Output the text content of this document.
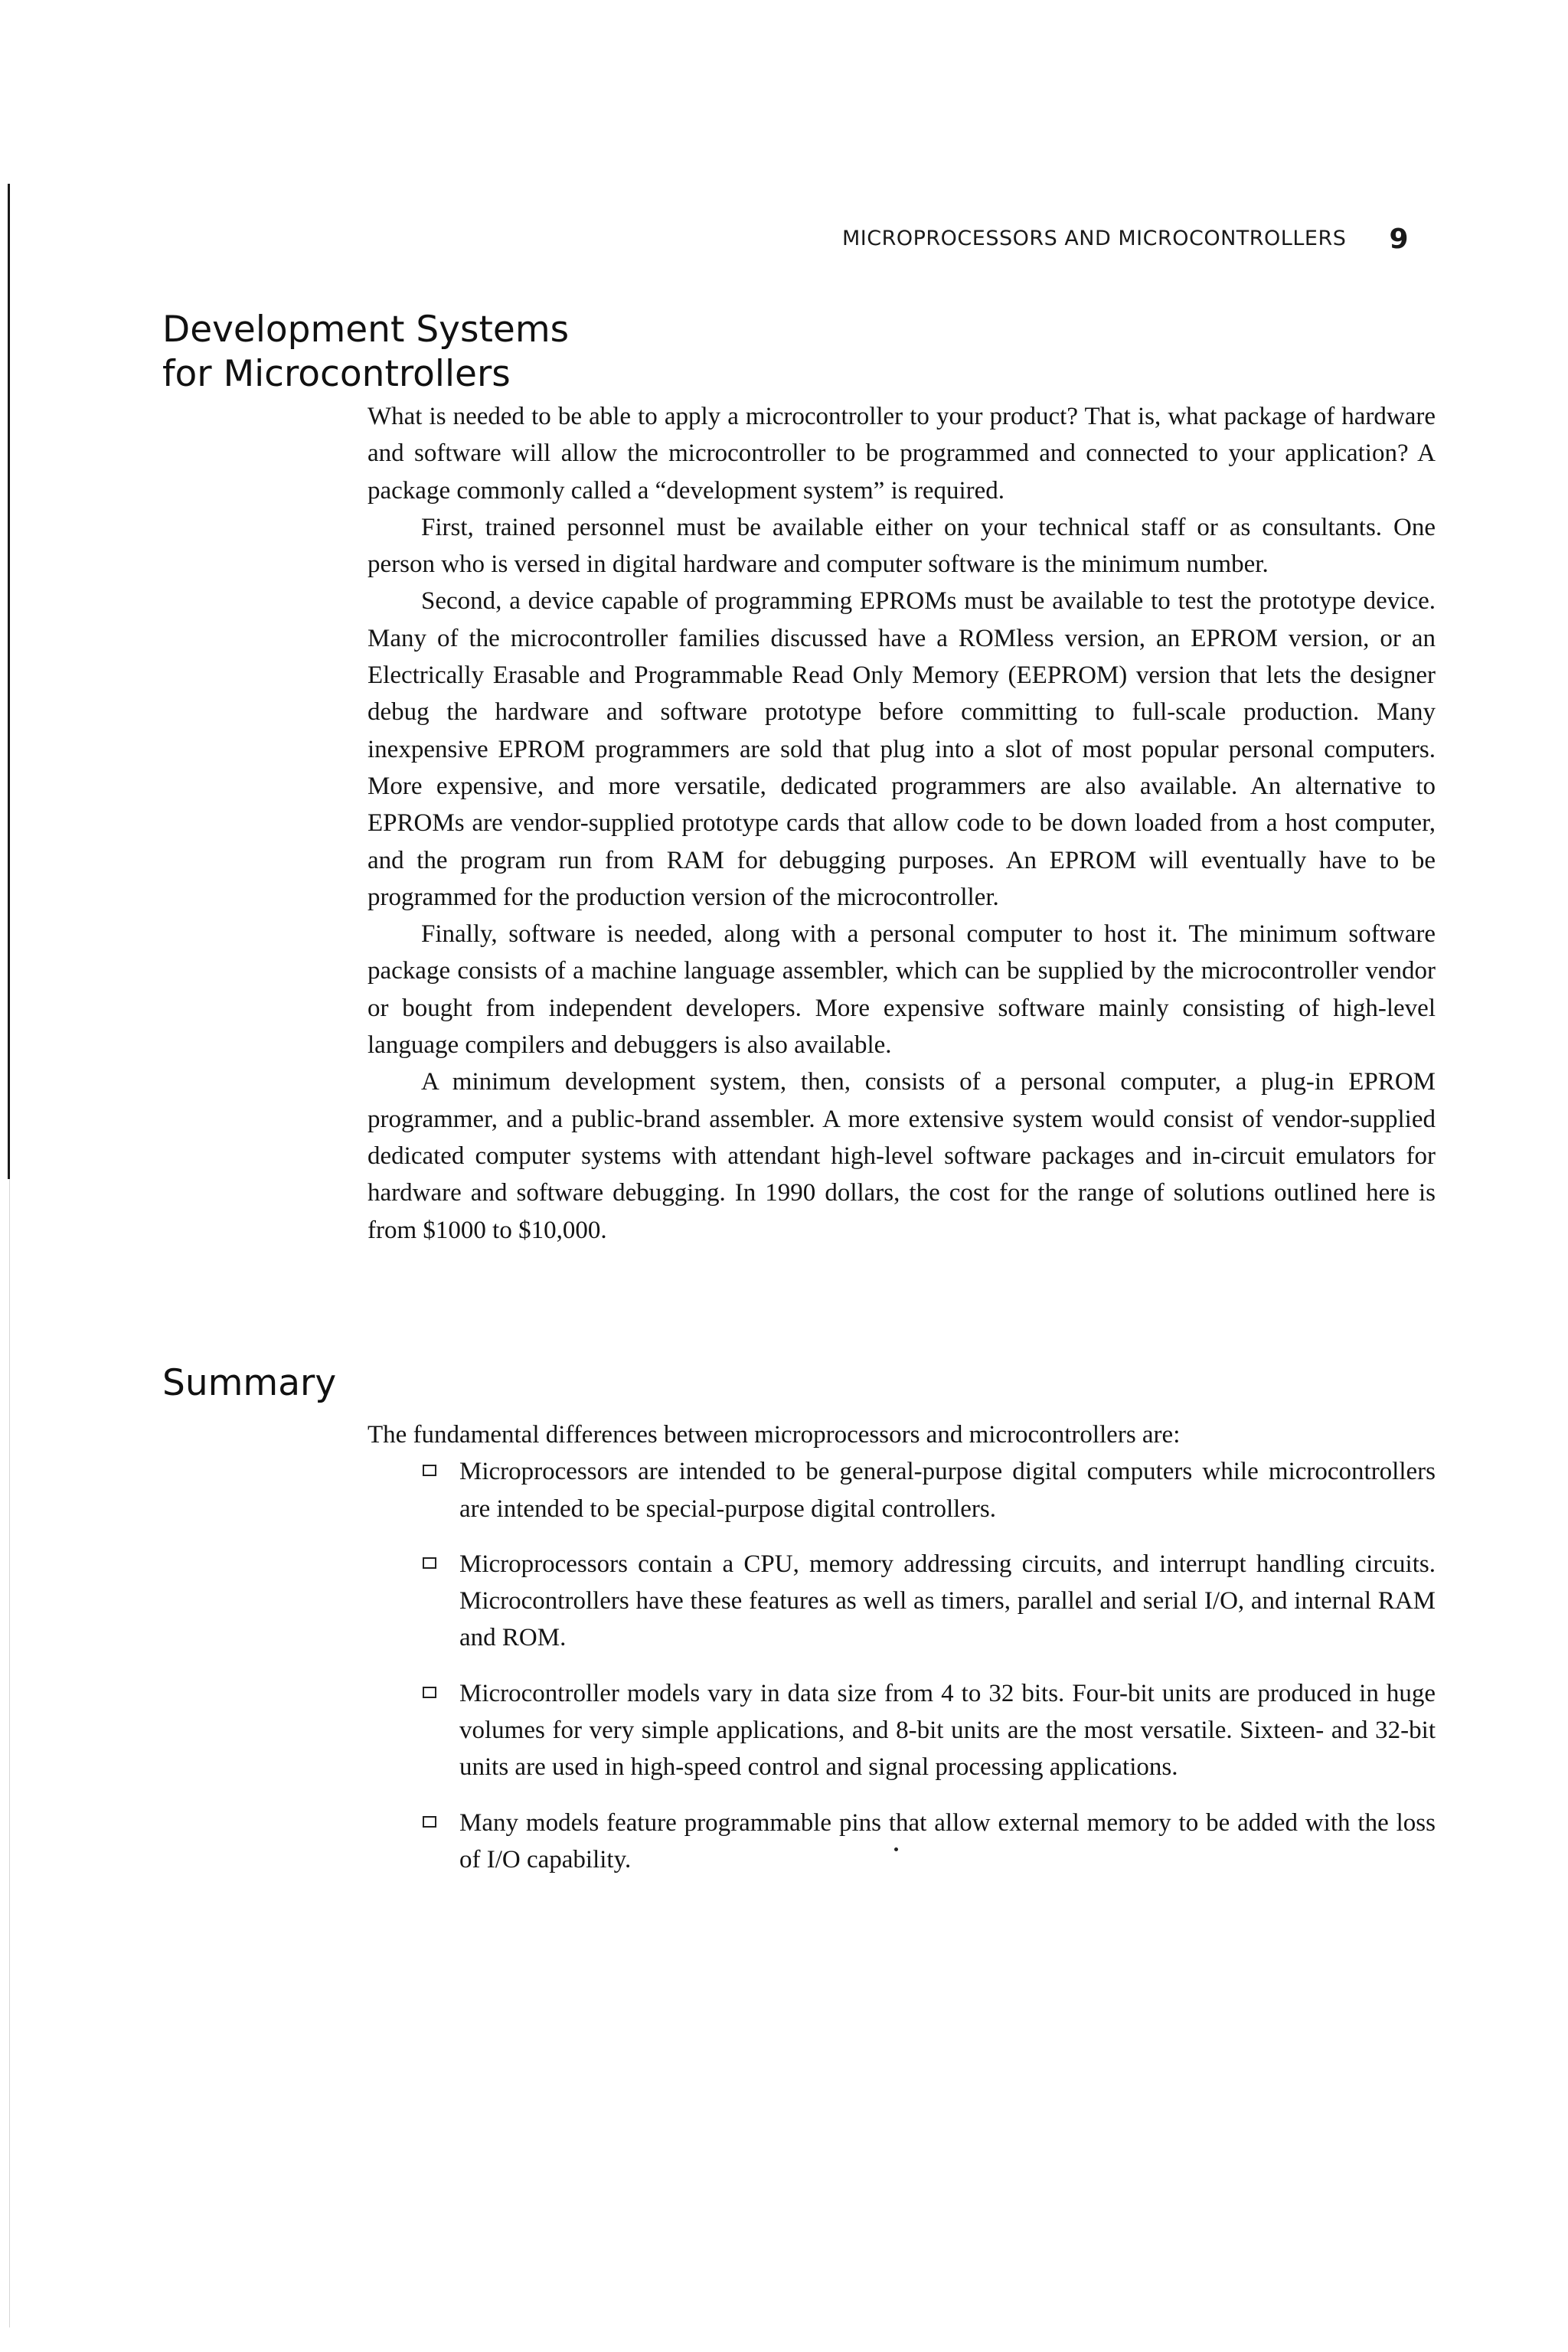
MICROPROCESSORS AND MICROCONTROLLERS 9
Development Systems
for Microcontrollers

What is needed to be able to apply a microcontroller to your product? That is, what package of hardware and software will allow the microcontroller to be programmed and connected to your application? A package commonly called a “development system” is required.

First, trained personnel must be available either on your technical staff or as consultants. One person who is versed in digital hardware and computer software is the minimum number.

Second, a device capable of programming EPROMs must be available to test the prototype device. Many of the microcontroller families discussed have a ROMless version, an EPROM version, or an Electrically Erasable and Programmable Read Only Memory (EEPROM) version that lets the designer debug the hardware and software prototype before committing to full-scale production. Many inexpensive EPROM programmers are sold that plug into a slot of most popular personal computers. More expensive, and more versatile, dedicated programmers are also available. An alternative to EPROMs are vendor-supplied prototype cards that allow code to be down loaded from a host computer, and the program run from RAM for debugging purposes. An EPROM will eventually have to be programmed for the production version of the microcontroller.

Finally, software is needed, along with a personal computer to host it. The minimum software package consists of a machine language assembler, which can be supplied by the microcontroller vendor or bought from independent developers. More expensive software mainly consisting of high-level language compilers and debuggers is also available.

A minimum development system, then, consists of a personal computer, a plug-in EPROM programmer, and a public-brand assembler. A more extensive system would consist of vendor-supplied dedicated computer systems with attendant high-level software packages and in-circuit emulators for hardware and software debugging. In 1990 dollars, the cost for the range of solutions outlined here is from $1000 to $10,000.

Summary

The fundamental differences between microprocessors and microcontrollers are:

Microprocessors are intended to be general-purpose digital computers while microcontrollers are intended to be special-purpose digital controllers.
Microprocessors contain a CPU, memory addressing circuits, and interrupt handling circuits. Microcontrollers have these features as well as timers, parallel and serial I/O, and internal RAM and ROM.
Microcontroller models vary in data size from 4 to 32 bits. Four-bit units are produced in huge volumes for very simple applications, and 8-bit units are the most versatile. Sixteen- and 32-bit units are used in high-speed control and signal processing applications.
Many models feature programmable pins that allow external memory to be added with the loss of I/O capability.
